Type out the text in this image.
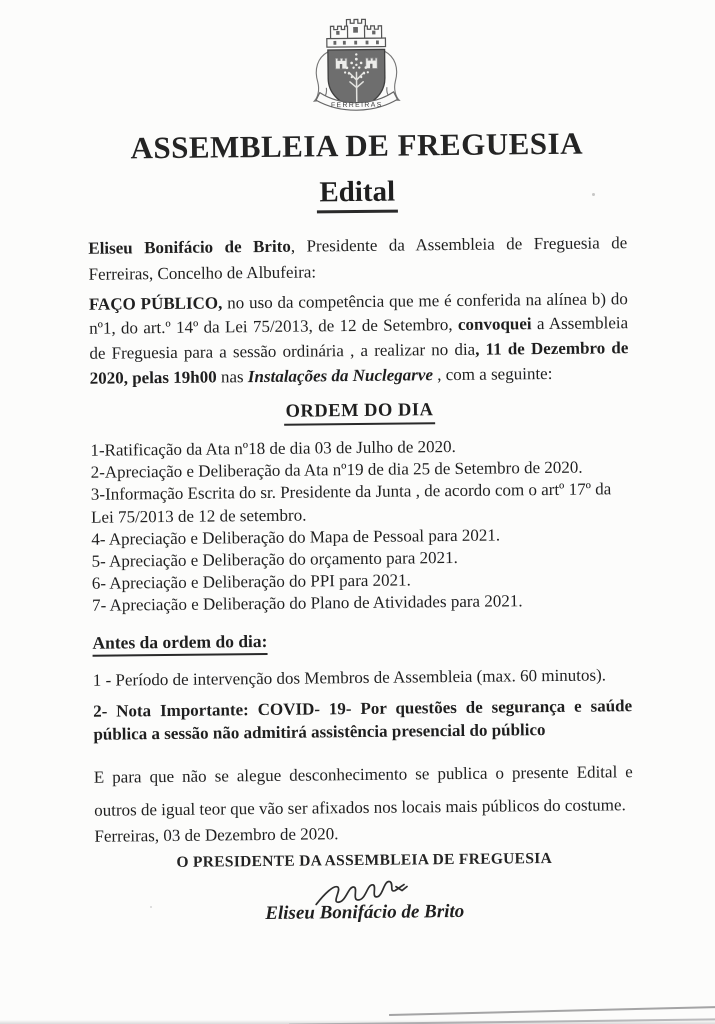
FERREIRAS
ASSEMBLEIA DE FREGUESIA
Edital

Eliseu Bonifácio de Brito, Presidente da Assembleia de Freguesia de Ferreiras, Concelho de Albufeira:

FAÇO PÚBLICO, no uso da competência que me é conferida na alínea b) do nº1, do art.º 14º da Lei 75/2013, de 12 de Setembro, convoquei a Assembleia de Freguesia para a sessão ordinária , a realizar no dia, 11 de Dezembro de 2020, pelas 19h00 nas Instalações da Nuclegarve , com a seguinte:

ORDEM DO DIA
1-Ratificação da Ata nº18 de dia 03 de Julho de 2020.
2-Apreciação e Deliberação da Ata nº19 de dia 25 de Setembro de 2020.
3-Informação Escrita do sr. Presidente da Junta , de acordo com o artº 17º da Lei 75/2013 de 12 de setembro.
4- Apreciação e Deliberação do Mapa de Pessoal para 2021.
5- Apreciação e Deliberação do orçamento para 2021.
6- Apreciação e Deliberação do PPI para 2021.
7- Apreciação e Deliberação do Plano de Atividades para 2021.
Antes da ordem do dia:

1 - Período de intervenção dos Membros de Assembleia (max. 60 minutos).

2- Nota Importante: COVID- 19- Por questões de segurança e saúde pública a sessão não admitirá assistência presencial do público

E para que não se alegue desconhecimento se publica o presente Edital e outros de igual teor que vão ser afixados nos locais mais públicos do costume.

Ferreiras, 03 de Dezembro de 2020.

O PRESIDENTE DA ASSEMBLEIA DE FREGUESIA

Eliseu Bonifácio de Brito
